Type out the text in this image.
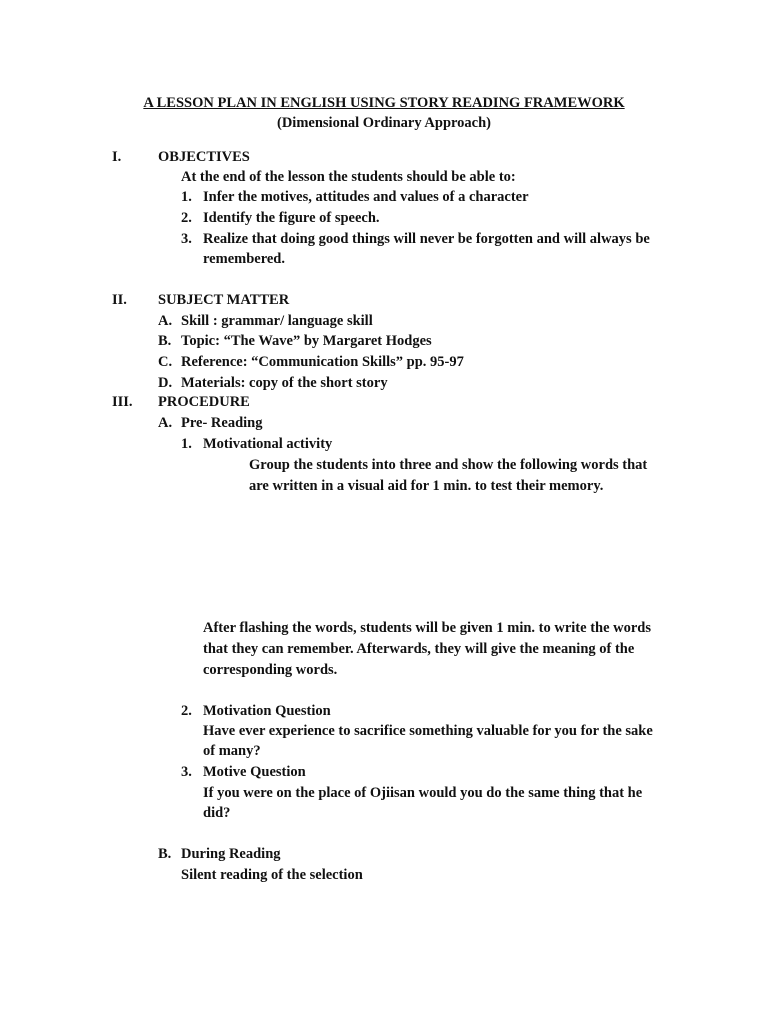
A LESSON PLAN IN ENGLISH USING STORY READING FRAMEWORK
(Dimensional Ordinary Approach)
I.	OBJECTIVES
At the end of the lesson the students should be able to:
1. Infer the motives, attitudes and values of a character
2. Identify the figure of speech.
3. Realize that doing good things will never be forgotten and will always be
remembered.
II. SUBJECT MATTER
A. Skill : grammar/ language skill
B. Topic: “The Wave” by Margaret Hodges
C. Reference: “Communication Skills” pp. 95-97
D. Materials: copy of the short story
III. PROCEDURE
A. Pre- Reading
1. Motivational activity
Group the students into three and show the following words that
are written in a visual aid for 1 min. to test their memory.
After flashing the words, students will be given 1 min. to write the words
that they can remember. Afterwards, they will give the meaning of the
corresponding words.
2. Motivation Question
Have ever experience to sacrifice something valuable for you for the sake
of many?
3. Motive Question
If you were on the place of Ojiisan would you do the same thing that he
did?
B. During Reading
Silent reading of the selection
